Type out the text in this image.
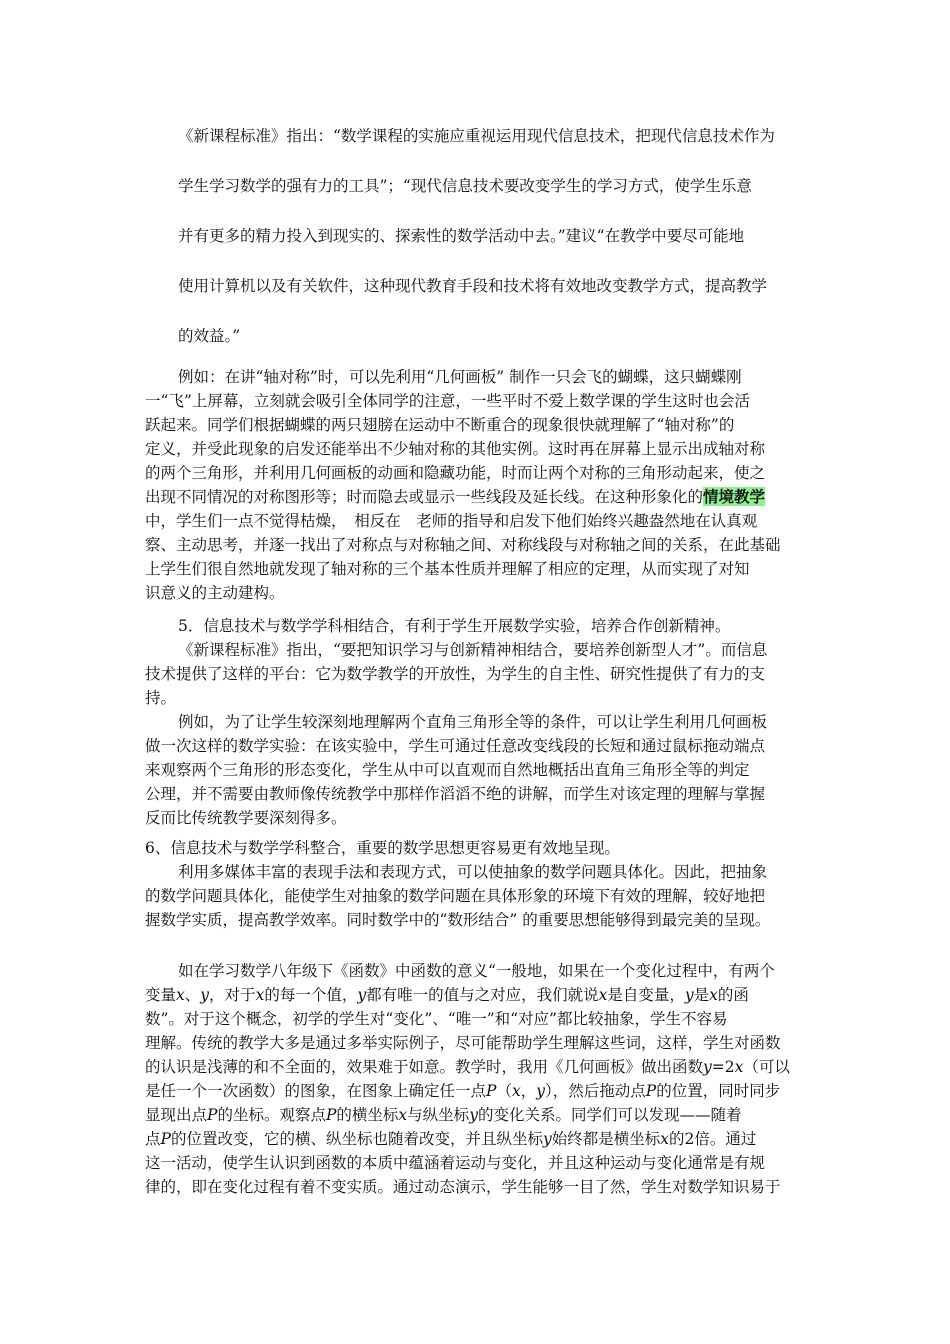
《新课程标准》指出：“数学课程的实施应重视运用现代信息技术，把现代信息技术作为
学生学习数学的强有力的工具”；“现代信息技术要改变学生的学习方式，使学生乐意
并有更多的精力投入到现实的、探索性的数学活动中去。”建议“在教学中要尽可能地
使用计算机以及有关软件，这种现代教育手段和技术将有效地改变教学方式，提高教学
的效益。”
例如：在讲“轴对称”时，可以先利用“几何画板” 制作一只会飞的蝴蝶，这只蝴蝶刚
一“飞”上屏幕，立刻就会吸引全体同学的注意，一些平时不爱上数学课的学生这时也会活
跃起来。同学们根据蝴蝶的两只翅膀在运动中不断重合的现象很快就理解了“轴对称”的
定义，并受此现象的启发还能举出不少轴对称的其他实例。这时再在屏幕上显示出成轴对称
的两个三角形，并利用几何画板的动画和隐藏功能，时而让两个对称的三角形动起来，使之
出现不同情况的对称图形等；时而隐去或显示一些线段及延长线。在这种形象化的情境教学
中，学生们一点不觉得枯燥，　相反在　老师的指导和启发下他们始终兴趣盎然地在认真观
察、主动思考，并逐一找出了对称点与对称轴之间、对称线段与对称轴之间的关系，在此基础
上学生们很自然地就发现了轴对称的三个基本性质并理解了相应的定理，从而实现了对知
识意义的主动建构。
5．信息技术与数学学科相结合，有利于学生开展数学实验，培养合作创新精神。
《新课程标准》指出，“要把知识学习与创新精神相结合，要培养创新型人才”。而信息
技术提供了这样的平台：它为数学教学的开放性，为学生的自主性、研究性提供了有力的支
持。
例如，为了让学生较深刻地理解两个直角三角形全等的条件，可以让学生利用几何画板
做一次这样的数学实验：在该实验中，学生可通过任意改变线段的长短和通过鼠标拖动端点
来观察两个三角形的形态变化，学生从中可以直观而自然地概括出直角三角形全等的判定
公理，并不需要由教师像传统教学中那样作滔滔不绝的讲解，而学生对该定理的理解与掌握
反而比传统教学要深刻得多。
6、信息技术与数学学科整合，重要的数学思想更容易更有效地呈现。
利用多媒体丰富的表现手法和表现方式，可以使抽象的数学问题具体化。因此，把抽象
的数学问题具体化，能使学生对抽象的数学问题在具体形象的环境下有效的理解，较好地把
握数学实质，提高教学效率。同时数学中的“数形结合” 的重要思想能够得到最完美的呈现。
如在学习数学八年级下《函数》中函数的意义“一般地，如果在一个变化过程中，有两个
变量x、y，对于x的每一个值，y都有唯一的值与之对应，我们就说x是自变量，y是x的函
数”。对于这个概念，初学的学生对“变化”、“唯一”和“对应”都比较抽象，学生不容易
理解。传统的教学大多是通过多举实际例子，尽可能帮助学生理解这些词，这样，学生对函数
的认识是浅薄的和不全面的，效果难于如意。教学时，我用《几何画板》做出函数y=2x（可以
是任一个一次函数）的图象，在图象上确定任一点P（x，y），然后拖动点P的位置，同时同步
显现出点P的坐标。观察点P的横坐标x与纵坐标y的变化关系。同学们可以发现——随着
点P的位置改变，它的横、纵坐标也随着改变，并且纵坐标y始终都是横坐标x的2倍。通过
这一活动，使学生认识到函数的本质中蕴涵着运动与变化，并且这种运动与变化通常是有规
律的，即在变化过程有着不变实质。通过动态演示，学生能够一目了然，学生对数学知识易于
